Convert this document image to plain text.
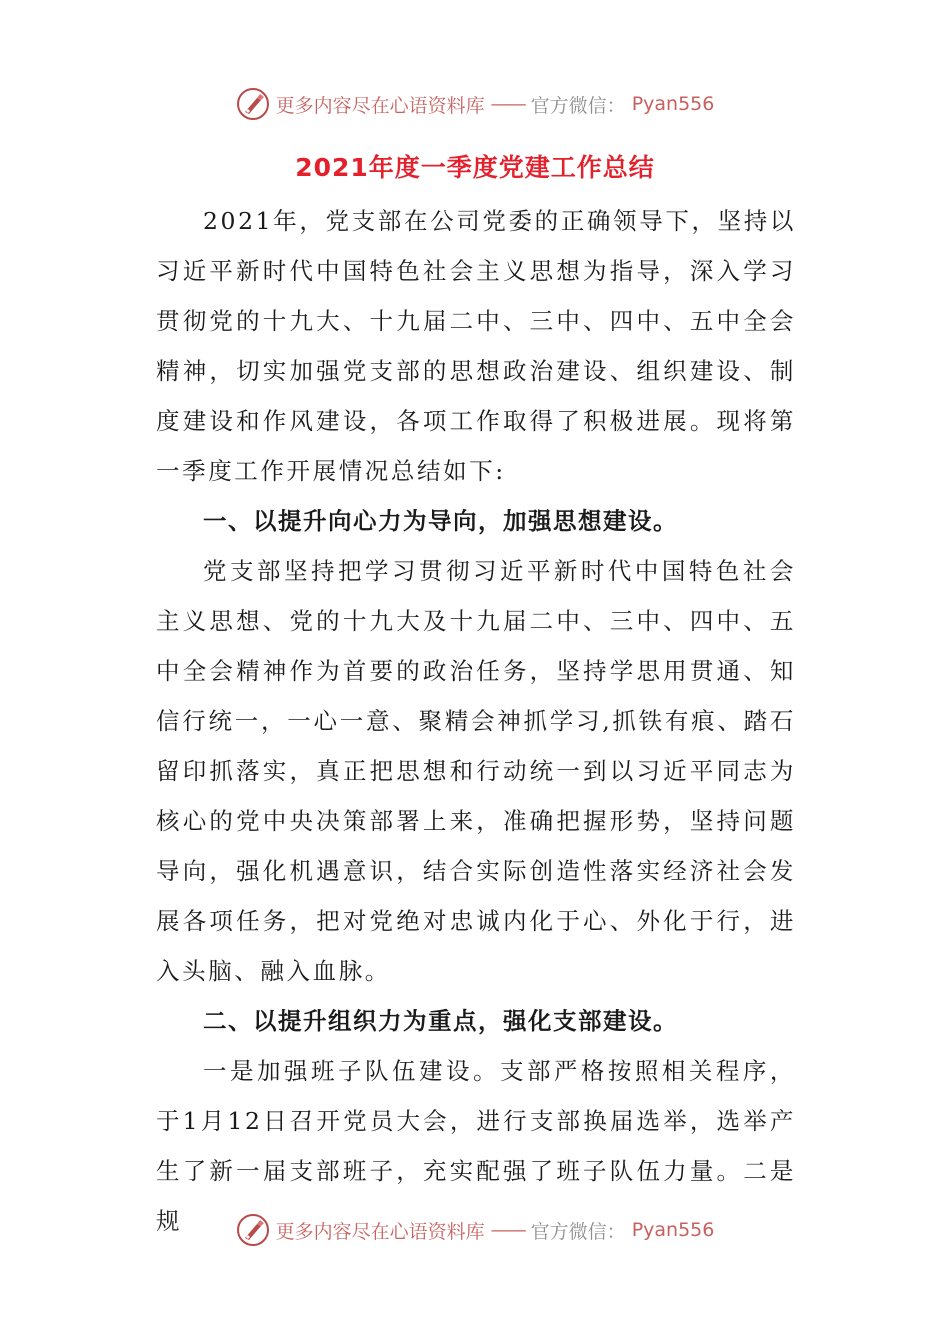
更多内容尽在心语资料库 —— 官方微信： Pyan556
2021年度一季度党建工作总结

2021年，党支部在公司党委的正确领导下，坚持以习近平新时代中国特色社会主义思想为指导，深入学习贯彻党的十九大、十九届二中、三中、四中、五中全会精神，切实加强党支部的思想政治建设、组织建设、制度建设和作风建设，各项工作取得了积极进展。现将第一季度工作开展情况总结如下:

一、以提升向心力为导向，加强思想建设。

党支部坚持把学习贯彻习近平新时代中国特色社会主义思想、党的十九大及十九届二中、三中、四中、五中全会精神作为首要的政治任务，坚持学思用贯通、知信行统一，一心一意、聚精会神抓学习,抓铁有痕、踏石留印抓落实，真正把思想和行动统一到以习近平同志为核心的党中央决策部署上来，准确把握形势，坚持问题导向，强化机遇意识，结合实际创造性落实经济社会发展各项任务，把对党绝对忠诚内化于心、外化于行，进入头脑、融入血脉。

二、以提升组织力为重点，强化支部建设。

一是加强班子队伍建设。支部严格按照相关程序，于1月12日召开党员大会，进行支部换届选举，选举产生了新一届支部班子，充实配强了班子队伍力量。二是规	更多内容尽在心语资料库 —— 官方微信： Pyan556
